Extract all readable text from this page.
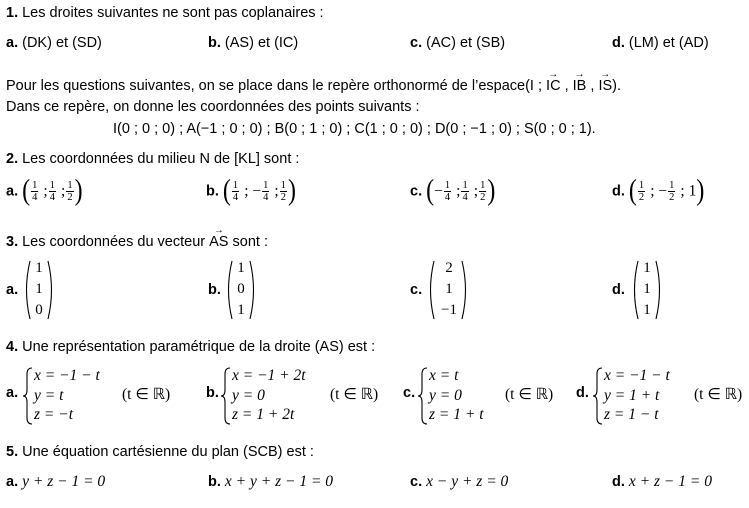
1. Les droites suivantes ne sont pas coplanaires :
a. (DK) et (SD)	b. (AS) et (IC)	c. (AC) et (SB)	d. (LM) et (AD)
Pour les questions suivantes, on se place dans le repère orthonormé de l’espace(I ; → IC , → IB , → IS).
Dans ce repère, on donne les coordonnées des points suivants :
I(0 ; 0 ; 0) ; A(−1 ; 0 ; 0) ; B(0 ; 1 ; 0) ; C(1 ; 0 ; 0) ; D(0 ; −1 ; 0) ; S(0 ; 0 ; 1).
2. Les coordonnées du milieu N de [KL] sont :
a. ( $\frac{1}{4}$ ; $\frac{1}{4}$ ; $\frac{1}{2}$ )	b. ( $\frac{1}{4}$ ; − $\frac{1}{4}$ ; $\frac{1}{2}$ )	c. (− $\frac{1}{4}$ ; $\frac{1}{4}$ ; $\frac{1}{2}$ )	d. ( $\frac{1}{2}$ ; − $\frac{1}{2}$ ; 1)
3. Les coordonnées du vecteur → AS sont :
a.
1
1
0
b.
1
0
1
c.
2
1
−1
d.
1
1
1
4. Une représentation paramétrique de la droite (AS) est :
a.
x = −1 − t
y = t
z = −t
(t ∈ ℝ) b.
x = −1 + 2t
y = 0
z = 1 + 2t
(t ∈ ℝ) c.
x = t
y = 0
z = 1 + t
(t ∈ ℝ) d.
x = −1 − t
y = 1 + t
z = 1 − t
(t ∈ ℝ)
5. Une équation cartésienne du plan (SCB) est :
a. y + z − 1 = 0	b. x + y + z − 1 = 0	c. x − y + z = 0	d. x + z − 1 = 0
